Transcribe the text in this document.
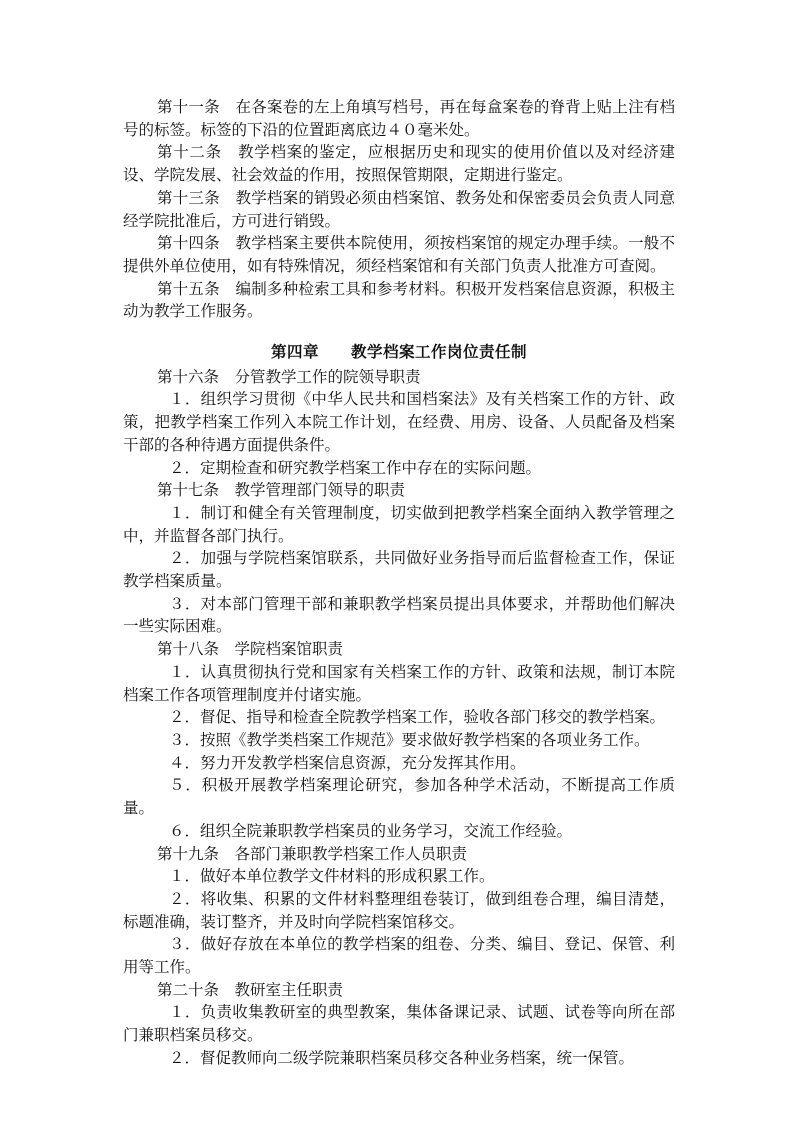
第十一条　在各案卷的左上角填写档号，再在每盒案卷的脊背上贴上注有档号的标签。标签的下沿的位置距离底边４０毫米处。

第十二条　教学档案的鉴定，应根据历史和现实的使用价值以及对经济建设、学院发展、社会效益的作用，按照保管期限，定期进行鉴定。

第十三条　教学档案的销毁必须由档案馆、教务处和保密委员会负责人同意经学院批准后，方可进行销毁。

第十四条　教学档案主要供本院使用，须按档案馆的规定办理手续。一般不提供外单位使用，如有特殊情况，须经档案馆和有关部门负责人批准方可查阅。

第十五条　编制多种检索工具和参考材料。积极开发档案信息资源，积极主动为教学工作服务。

第四章　　教学档案工作岗位责任制

第十六条　分管教学工作的院领导职责

１．组织学习贯彻《中华人民共和国档案法》及有关档案工作的方针、政策，把教学档案工作列入本院工作计划，在经费、用房、设备、人员配备及档案干部的各种待遇方面提供条件。

２．定期检查和研究教学档案工作中存在的实际问题。

第十七条　教学管理部门领导的职责

１．制订和健全有关管理制度，切实做到把教学档案全面纳入教学管理之中，并监督各部门执行。

２．加强与学院档案馆联系，共同做好业务指导而后监督检查工作，保证教学档案质量。

３．对本部门管理干部和兼职教学档案员提出具体要求，并帮助他们解决一些实际困难。

第十八条　学院档案馆职责

１．认真贯彻执行党和国家有关档案工作的方针、政策和法规，制订本院档案工作各项管理制度并付诸实施。

２．督促、指导和检查全院教学档案工作，验收各部门移交的教学档案。

３．按照《教学类档案工作规范》要求做好教学档案的各项业务工作。

４．努力开发教学档案信息资源，充分发挥其作用。

５．积极开展教学档案理论研究，参加各种学术活动，不断提高工作质量。

６．组织全院兼职教学档案员的业务学习，交流工作经验。

第十九条　各部门兼职教学档案工作人员职责

１．做好本单位教学文件材料的形成积累工作。

２．将收集、积累的文件材料整理组卷装订，做到组卷合理，编目清楚，标题准确，装订整齐，并及时向学院档案馆移交。

３．做好存放在本单位的教学档案的组卷、分类、编目、登记、保管、利用等工作。

第二十条　教研室主任职责

１．负责收集教研室的典型教案，集体备课记录、试题、试卷等向所在部门兼职档案员移交。

２．督促教师向二级学院兼职档案员移交各种业务档案，统一保管。
